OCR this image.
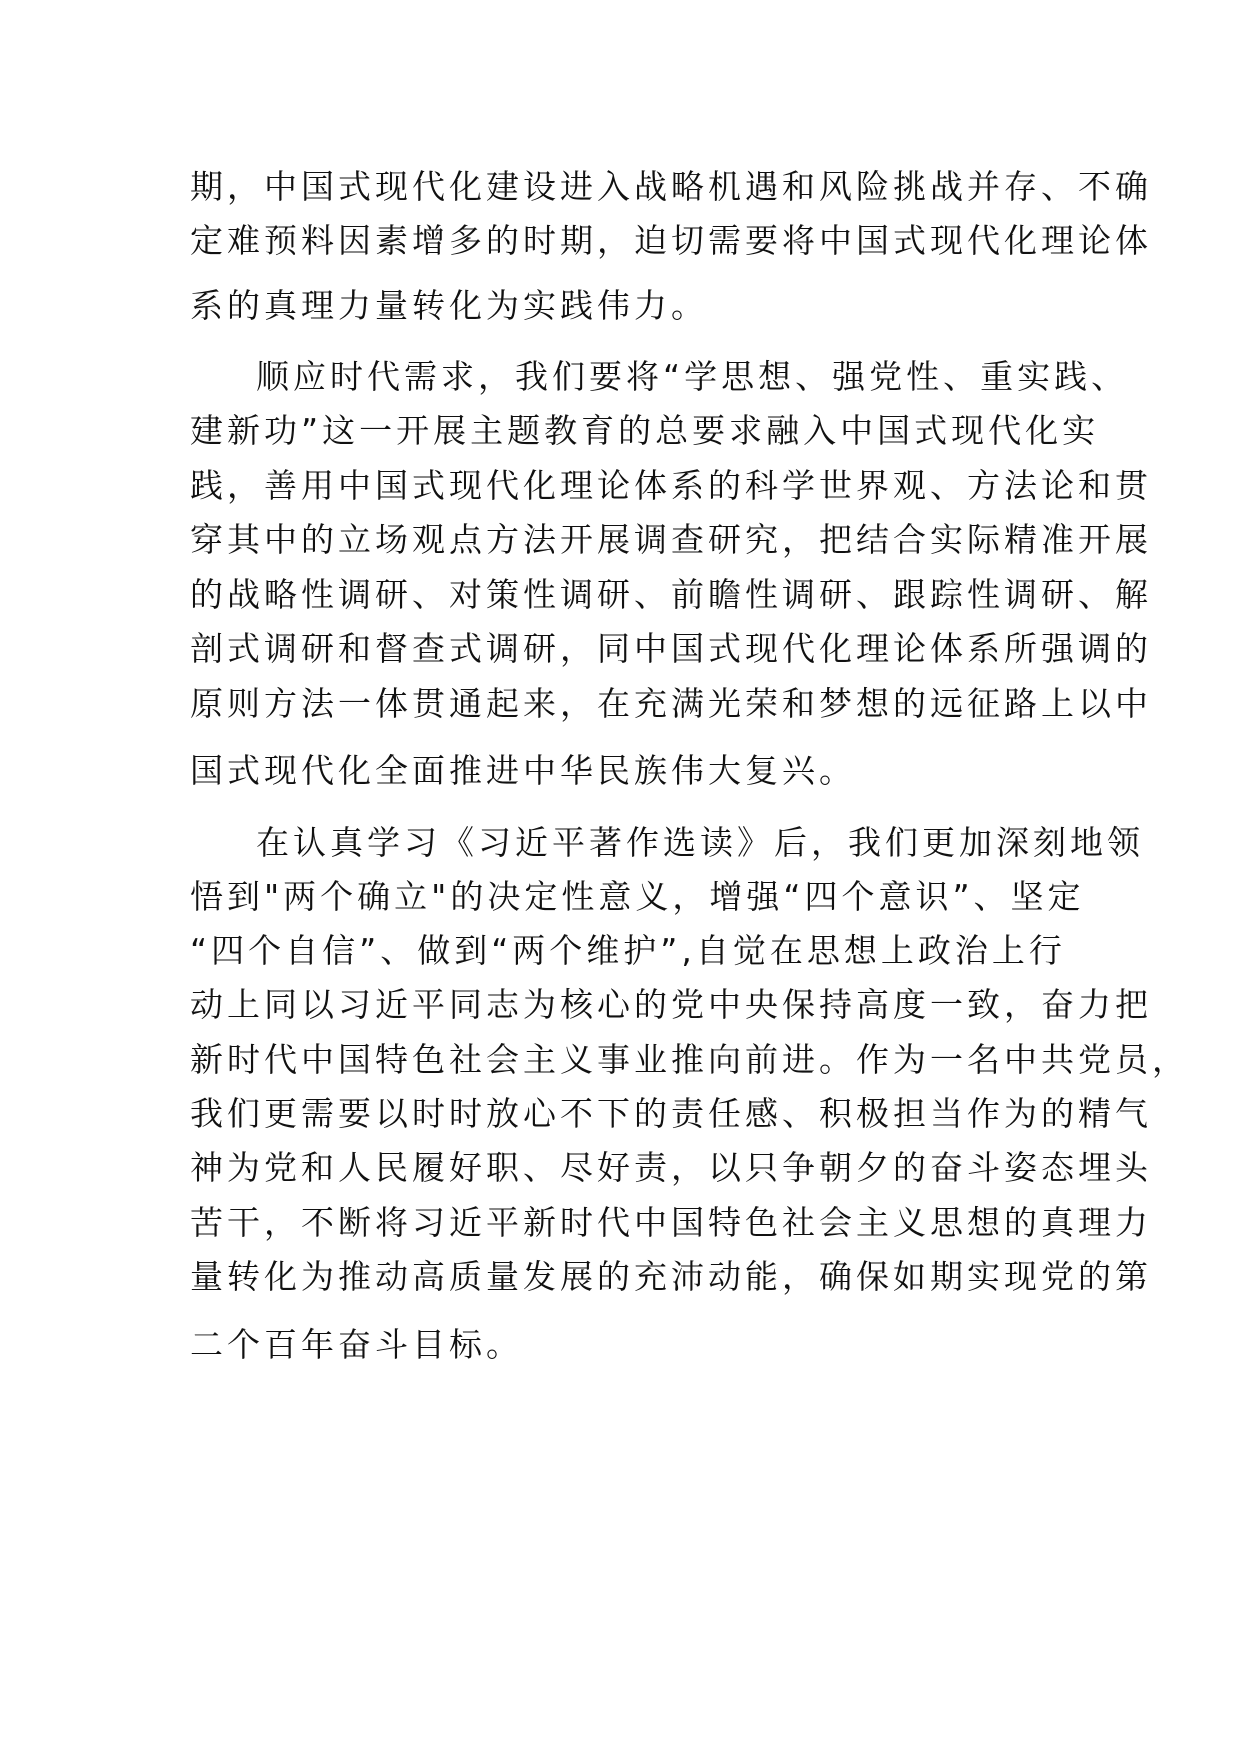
期，中国式现代化建设进入战略机遇和风险挑战并存、不确
定难预料因素增多的时期，迫切需要将中国式现代化理论体
系的真理力量转化为实践伟力。
顺应时代需求，我们要将“学思想、强党性、重实践、
建新功”这一开展主题教育的总要求融入中国式现代化实
践，善用中国式现代化理论体系的科学世界观、方法论和贯
穿其中的立场观点方法开展调查研究，把结合实际精准开展
的战略性调研、对策性调研、前瞻性调研、跟踪性调研、解
剖式调研和督查式调研，同中国式现代化理论体系所强调的
原则方法一体贯通起来，在充满光荣和梦想的远征路上以中
国式现代化全面推进中华民族伟大复兴。
在认真学习《习近平著作选读》后，我们更加深刻地领
悟到"两个确立"的决定性意义，增强“四个意识”、坚定
“四个自信”、做到“两个维护”,自觉在思想上政治上行
动上同以习近平同志为核心的党中央保持高度一致，奋力把
新时代中国特色社会主义事业推向前进。作为一名中共党员，
我们更需要以时时放心不下的责任感、积极担当作为的精气
神为党和人民履好职、尽好责，以只争朝夕的奋斗姿态埋头
苦干，不断将习近平新时代中国特色社会主义思想的真理力
量转化为推动高质量发展的充沛动能，确保如期实现党的第
二个百年奋斗目标。
